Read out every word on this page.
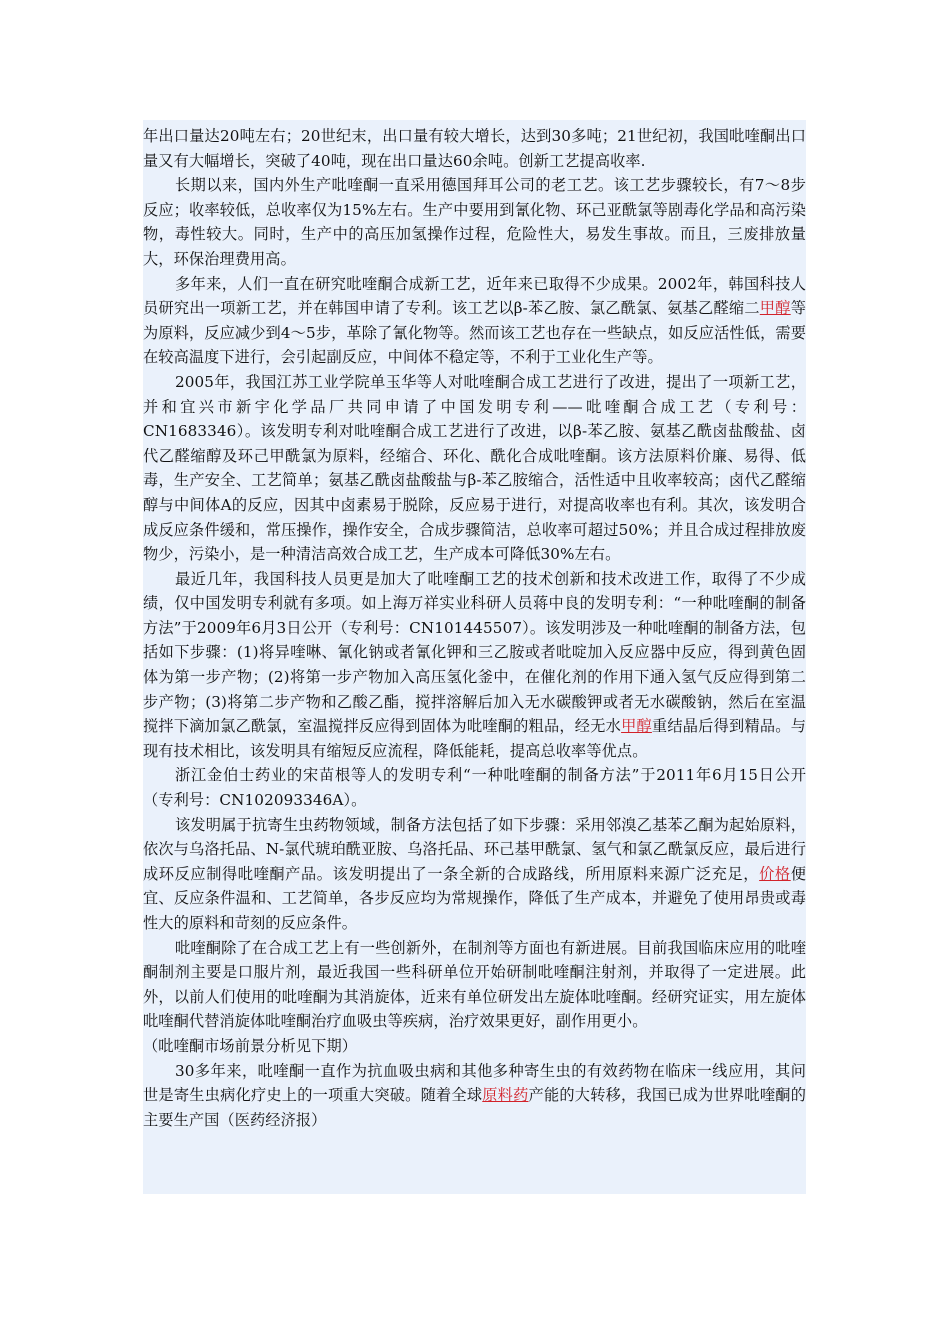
年出口量达20吨左右；20世纪末，出口量有较大增长，达到30多吨；21世纪初，我国吡喹酮出口量又有大幅增长，突破了40吨，现在出口量达60余吨。创新工艺提高收率.

长期以来，国内外生产吡喹酮一直采用德国拜耳公司的老工艺。该工艺步骤较长，有7～8步反应；收率较低，总收率仅为15%左右。生产中要用到氰化物、环己亚酰氯等剧毒化学品和高污染物，毒性较大。同时，生产中的高压加氢操作过程，危险性大，易发生事故。而且，三废排放量大，环保治理费用高。

多年来，人们一直在研究吡喹酮合成新工艺，近年来已取得不少成果。2002年，韩国科技人员研究出一项新工艺，并在韩国申请了专利。该工艺以β-苯乙胺、氯乙酰氯、氨基乙醛缩二甲醇等为原料，反应减少到4～5步，革除了氰化物等。然而该工艺也存在一些缺点，如反应活性低，需要在较高温度下进行，会引起副反应，中间体不稳定等，不利于工业化生产等。

2005年，我国江苏工业学院单玉华等人对吡喹酮合成工艺进行了改进，提出了一项新工艺，并和宜兴市新宇化学品厂共同申请了中国发明专利——吡喹酮合成工艺（专利号：CN1683346）。该发明专利对吡喹酮合成工艺进行了改进，以β-苯乙胺、氨基乙酰卤盐酸盐、卤代乙醛缩醇及环己甲酰氯为原料，经缩合、环化、酰化合成吡喹酮。该方法原料价廉、易得、低毒，生产安全、工艺简单；氨基乙酰卤盐酸盐与β-苯乙胺缩合，活性适中且收率较高；卤代乙醛缩醇与中间体A的反应，因其中卤素易于脱除，反应易于进行，对提高收率也有利。其次，该发明合成反应条件缓和，常压操作，操作安全，合成步骤简洁，总收率可超过50%；并且合成过程排放废物少，污染小，是一种清洁高效合成工艺，生产成本可降低30%左右。

最近几年，我国科技人员更是加大了吡喹酮工艺的技术创新和技术改进工作，取得了不少成绩，仅中国发明专利就有多项。如上海万祥实业科研人员蒋中良的发明专利：“一种吡喹酮的制备方法”于2009年6月3日公开（专利号：CN101445507）。该发明涉及一种吡喹酮的制备方法，包括如下步骤：(1)将异喹啉、氰化钠或者氰化钾和三乙胺或者吡啶加入反应器中反应，得到黄色固体为第一步产物；(2)将第一步产物加入高压氢化釜中，在催化剂的作用下通入氢气反应得到第二步产物；(3)将第二步产物和乙酸乙酯，搅拌溶解后加入无水碳酸钾或者无水碳酸钠，然后在室温搅拌下滴加氯乙酰氯，室温搅拌反应得到固体为吡喹酮的粗品，经无水甲醇重结晶后得到精品。与现有技术相比，该发明具有缩短反应流程，降低能耗，提高总收率等优点。

浙江金伯士药业的宋苗根等人的发明专利“一种吡喹酮的制备方法”于2011年6月15日公开（专利号：CN102093346A）。

该发明属于抗寄生虫药物领域，制备方法包括了如下步骤：采用邻溴乙基苯乙酮为起始原料，依次与乌洛托品、N-氯代琥珀酰亚胺、乌洛托品、环己基甲酰氯、氢气和氯乙酰氯反应，最后进行成环反应制得吡喹酮产品。该发明提出了一条全新的合成路线，所用原料来源广泛充足，价格便宜、反应条件温和、工艺简单，各步反应均为常规操作，降低了生产成本，并避免了使用昂贵或毒性大的原料和苛刻的反应条件。

吡喹酮除了在合成工艺上有一些创新外，在制剂等方面也有新进展。目前我国临床应用的吡喹酮制剂主要是口服片剂，最近我国一些科研单位开始研制吡喹酮注射剂，并取得了一定进展。此外，以前人们使用的吡喹酮为其消旋体，近来有单位研发出左旋体吡喹酮。经研究证实，用左旋体吡喹酮代替消旋体吡喹酮治疗血吸虫等疾病，治疗效果更好，副作用更小。

（吡喹酮市场前景分析见下期）

30多年来，吡喹酮一直作为抗血吸虫病和其他多种寄生虫的有效药物在临床一线应用，其问世是寄生虫病化疗史上的一项重大突破。随着全球原料药产能的大转移，我国已成为世界吡喹酮的主要生产国（医药经济报）
